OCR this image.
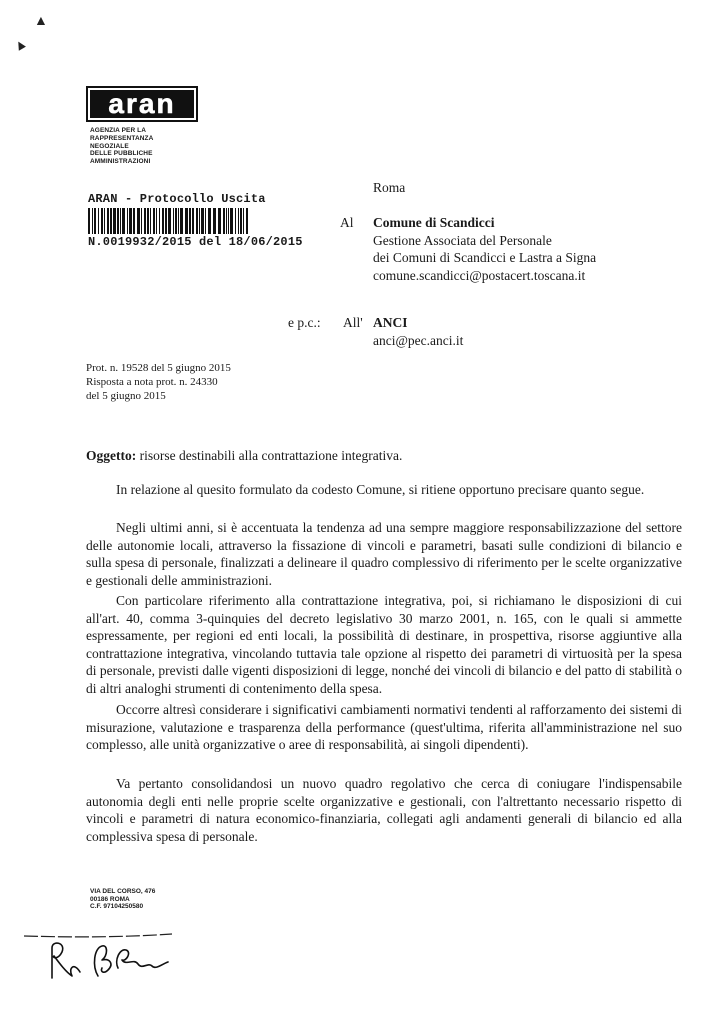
▲
▲
aran
AGENZIA PER LA
RAPPRESENTANZA
NEGOZIALE
DELLE PUBBLICHE
AMMINISTRAZIONI
ARAN - Protocollo Uscita
N.0019932/2015 del 18/06/2015
Roma
Al Comune di Scandicci
Gestione Associata del Personale
dei Comuni di Scandicci e Lastra a Signa
comune.scandicci@postacert.toscana.it
e p.c.: All' ANCI
anci@pec.anci.it
Prot. n. 19528 del 5 giugno 2015
Risposta a nota prot. n. 24330
del 5 giugno 2015
Oggetto: risorse destinabili alla contrattazione integrativa.

In relazione al quesito formulato da codesto Comune, si ritiene opportuno precisare quanto segue.

Negli ultimi anni, si è accentuata la tendenza ad una sempre maggiore responsabilizzazione del settore delle autonomie locali, attraverso la fissazione di vincoli e parametri, basati sulle condizioni di bilancio e sulla spesa di personale, finalizzati a delineare il quadro complessivo di riferimento per le scelte organizzative e gestionali delle amministrazioni.

Con particolare riferimento alla contrattazione integrativa, poi, si richiamano le disposizioni di cui all'art. 40, comma 3-quinquies del decreto legislativo 30 marzo 2001, n. 165, con le quali si ammette espressamente, per regioni ed enti locali, la possibilità di destinare, in prospettiva, risorse aggiuntive alla contrattazione integrativa, vincolando tuttavia tale opzione al rispetto dei parametri di virtuosità per la spesa di personale, previsti dalle vigenti disposizioni di legge, nonché dei vincoli di bilancio e del patto di stabilità o di altri analoghi strumenti di contenimento della spesa.

Occorre altresì considerare i significativi cambiamenti normativi tendenti al rafforzamento dei sistemi di misurazione, valutazione e trasparenza della performance (quest'ultima, riferita all'amministrazione nel suo complesso, alle unità organizzative o aree di responsabilità, ai singoli dipendenti).

Va pertanto consolidandosi un nuovo quadro regolativo che cerca di coniugare l'indispensabile autonomia degli enti nelle proprie scelte organizzative e gestionali, con l'altrettanto necessario rispetto di vincoli e parametri di natura economico-finanziaria, collegati agli andamenti generali di bilancio ed alla complessiva spesa di personale.

VIA DEL CORSO, 476
00186 ROMA
C.F. 97104250580
